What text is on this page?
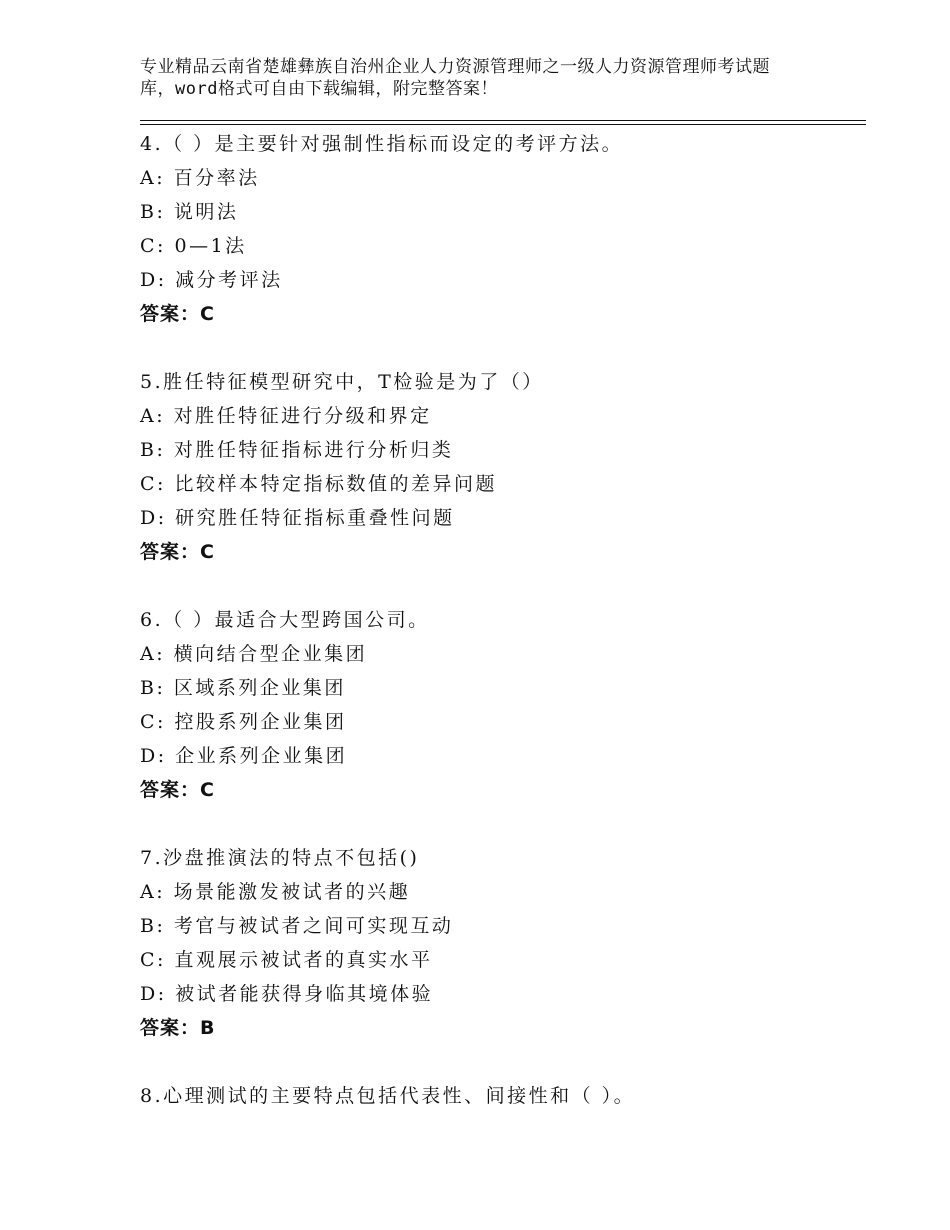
专业精品云南省楚雄彝族自治州企业人力资源管理师之一级人力资源管理师考试题
库，word格式可自由下载编辑，附完整答案！
4.（ ）是主要针对强制性指标而设定的考评方法。
A: 百分率法
B: 说明法
C: 0—1法
D: 减分考评法
答案：C
5.胜任特征模型研究中，T检验是为了（）
A: 对胜任特征进行分级和界定
B: 对胜任特征指标进行分析归类
C: 比较样本特定指标数值的差异问题
D: 研究胜任特征指标重叠性问题
答案：C
6.（ ）最适合大型跨国公司。
A: 横向结合型企业集团
B: 区域系列企业集团
C: 控股系列企业集团
D: 企业系列企业集团
答案：C
7.沙盘推演法的特点不包括()
A: 场景能激发被试者的兴趣
B: 考官与被试者之间可实现互动
C: 直观展示被试者的真实水平
D: 被试者能获得身临其境体验
答案：B
8.心理测试的主要特点包括代表性、间接性和（ ）。
